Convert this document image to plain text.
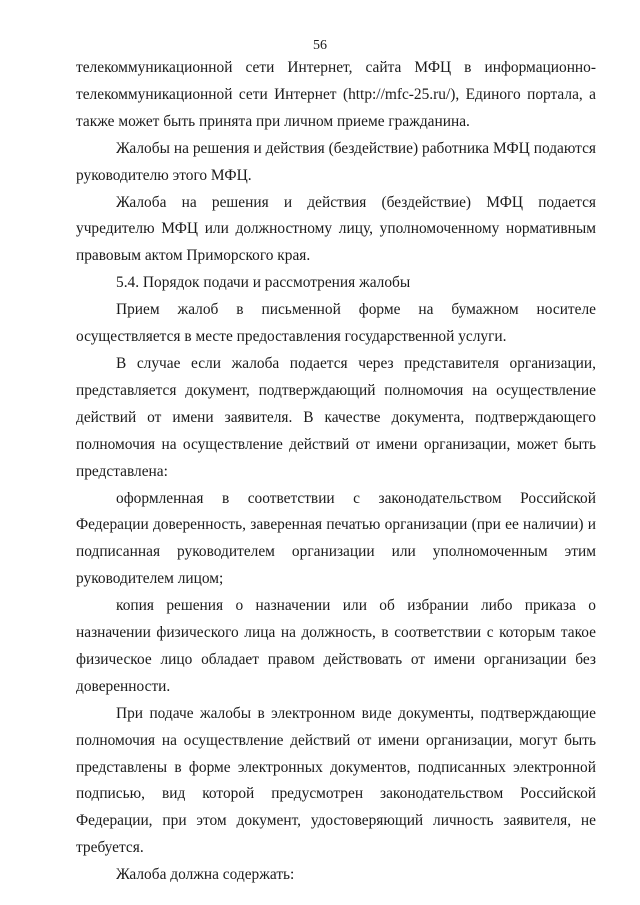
56

телекоммуникационной сети Интернет, сайта МФЦ в информационно-телекоммуникационной сети Интернет (http://mfc-25.ru/), Единого портала, а также может быть принята при личном приеме гражданина.

Жалобы на решения и действия (бездействие) работника МФЦ подаются руководителю этого МФЦ.

Жалоба на решения и действия (бездействие) МФЦ подается учредителю МФЦ или должностному лицу, уполномоченному нормативным правовым актом Приморского края.

5.4. Порядок подачи и рассмотрения жалобы

Прием жалоб в письменной форме на бумажном носителе осуществляется в месте предоставления государственной услуги.

В случае если жалоба подается через представителя организации, представляется документ, подтверждающий полномочия на осуществление действий от имени заявителя. В качестве документа, подтверждающего полномочия на осуществление действий от имени организации, может быть представлена:

оформленная в соответствии с законодательством Российской Федерации доверенность, заверенная печатью организации (при ее наличии) и подписанная руководителем организации или уполномоченным этим руководителем лицом;

копия решения о назначении или об избрании либо приказа о назначении физического лица на должность, в соответствии с которым такое физическое лицо обладает правом действовать от имени организации без доверенности.

При подаче жалобы в электронном виде документы, подтверждающие полномочия на осуществление действий от имени организации, могут быть представлены в форме электронных документов, подписанных электронной подписью, вид которой предусмотрен законодательством Российской Федерации, при этом документ, удостоверяющий личность заявителя, не требуется.

Жалоба должна содержать:
